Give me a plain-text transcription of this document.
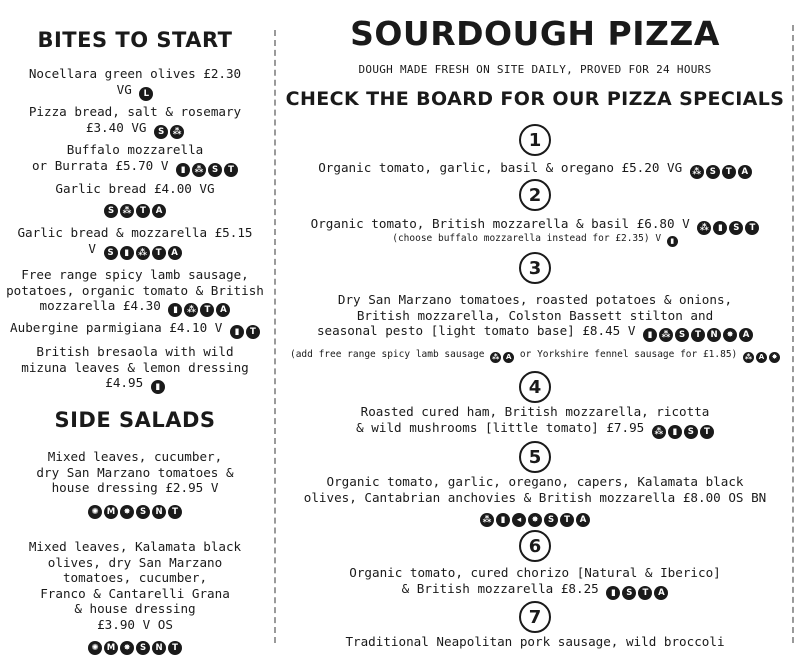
BITES TO START
Nocellara green olives £2.30
VG	L
Pizza bread, salt & rosemary
£3.40 VG	S	⁂
Buffalo mozzarella
or Burrata £5.70 V	▮	⁂	S	T
Garlic bread £4.00 VG
S	⁂	T	A
Garlic bread & mozzarella £5.15
V	S	▮	⁂	T	A
Free range spicy lamb sausage,
potatoes, organic tomato & British
mozzarella £4.30	▮	⁂	T	A
Aubergine parmigiana £4.10 V	▮	T
British bresaola with wild
mizuna leaves & lemon dressing
£4.95	▮
SIDE SALADS
Mixed leaves, cucumber,
dry San Marzano tomatoes &
house dressing £2.95 V
✺ M ✸	S	N	T
Mixed leaves, Kalamata black
olives, dry San Marzano
tomatoes, cucumber,
Franco & Cantarelli Grana
& house dressing
£3.90 V OS
✺ M ✸	S	N	T
SOURDOUGH PIZZA
DOUGH MADE FRESH ON SITE DAILY, PROVED FOR 24 HOURS
CHECK THE BOARD FOR OUR PIZZA SPECIALS
1
Organic tomato, garlic, basil & oregano £5.20 VG	⁂	S	T	A
2
Organic tomato, British mozzarella & basil £6.80 V	⁂	▮	S	T
(choose buffalo mozzarella instead for £2.35) V	▮
3
Dry San Marzano tomatoes, roasted potatoes & onions,
British mozzarella, Colston Bassett stilton and
seasonal pesto [light tomato base] £8.45 V	▮	⁂	S	T	N	✸	A
(add free range spicy lamb sausage ⁂ A or Yorkshire fennel sausage for £1.85) ⁂ A	✸
4
Roasted cured ham, British mozzarella, ricotta
& wild mushrooms [little tomato] £7.95	⁂	▮	S	T
5
Organic tomato, garlic, oregano, capers, Kalamata black
olives, Cantabrian anchovies & British mozzarella £8.00 OS BN
⁂	▮	◂	✸	S	T	A
6
Organic tomato, cured chorizo [Natural & Iberico]
& British mozzarella £8.25	▮	S	T	A
7
Traditional Neapolitan pork sausage, wild broccoli
